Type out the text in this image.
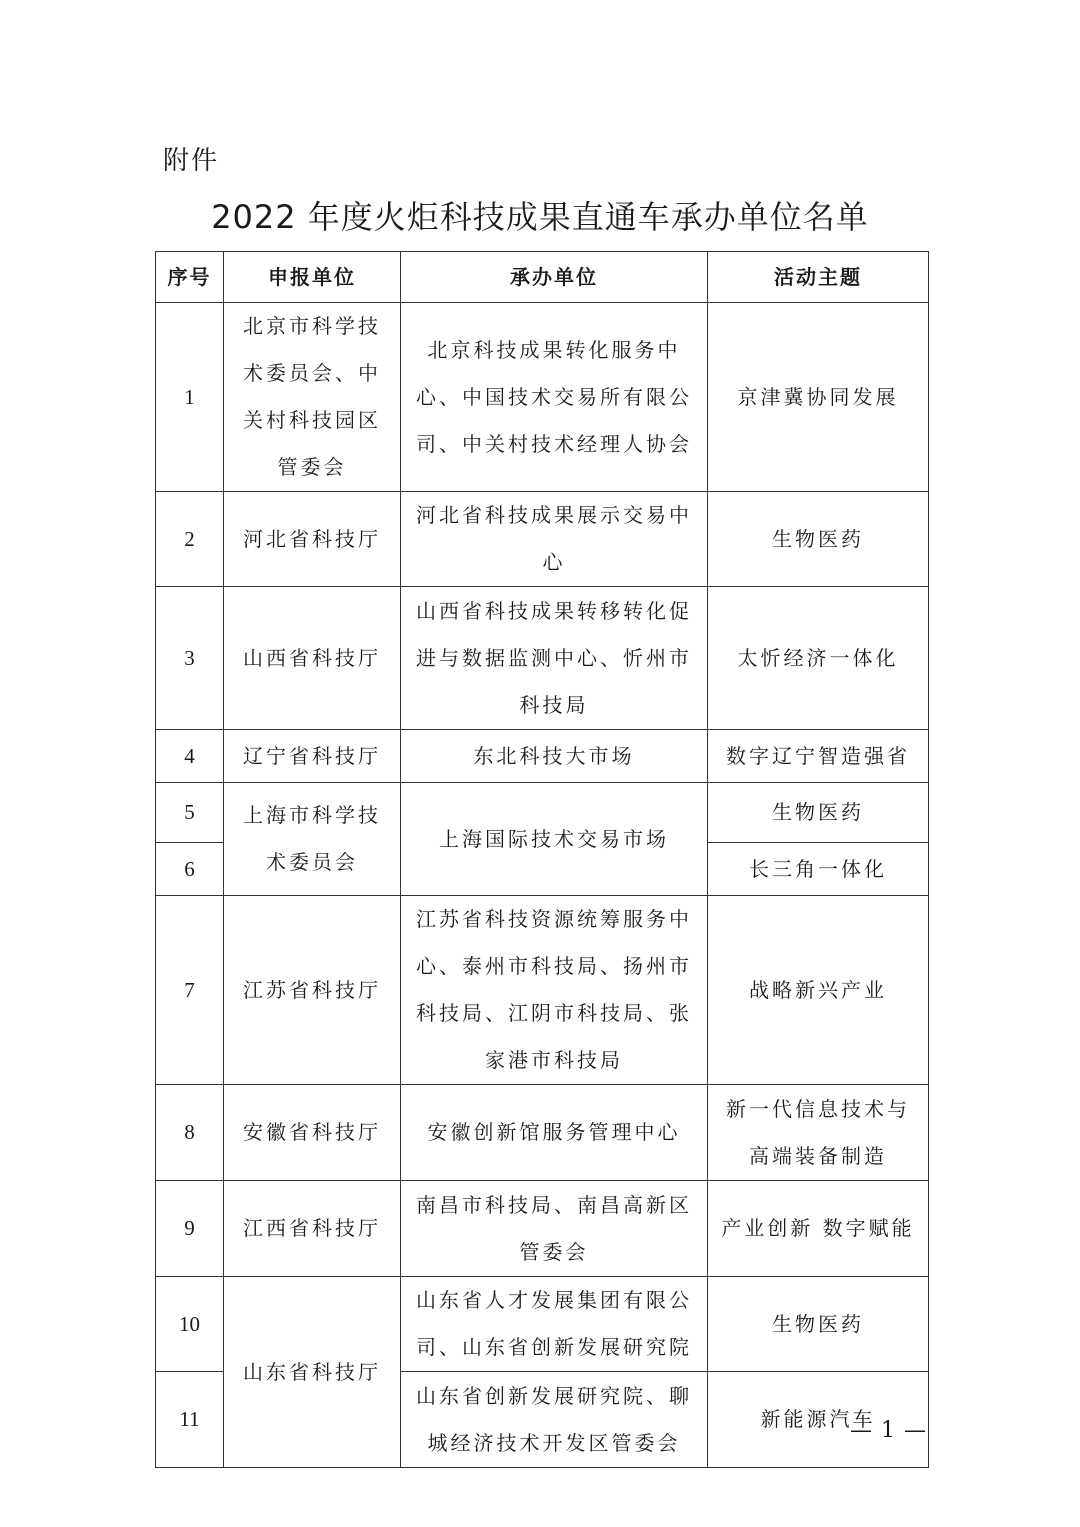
附件
2022 年度火炬科技成果直通车承办单位名单
序号	申报单位	承办单位	活动主题
1	北京市科学技术委员会、中关村科技园区管委会	北京科技成果转化服务中心、中国技术交易所有限公司、中关村技术经理人协会	京津冀协同发展
2	河北省科技厅	河北省科技成果展示交易中心	生物医药
3	山西省科技厅	山西省科技成果转移转化促进与数据监测中心、忻州市科技局	太忻经济一体化
4	辽宁省科技厅	东北科技大市场	数字辽宁智造强省
5	上海市科学技术委员会	上海国际技术交易市场	生物医药
6			长三角一体化
7	江苏省科技厅	江苏省科技资源统筹服务中心、泰州市科技局、扬州市科技局、江阴市科技局、张家港市科技局	战略新兴产业
8	安徽省科技厅	安徽创新馆服务管理中心	新一代信息技术与高端装备制造
9	江西省科技厅	南昌市科技局、南昌高新区管委会	产业创新 数字赋能
10	山东省科技厅	山东省人才发展集团有限公司、山东省创新发展研究院	生物医药
11		山东省创新发展研究院、聊城经济技术开发区管委会	新能源汽车
— 1 —
